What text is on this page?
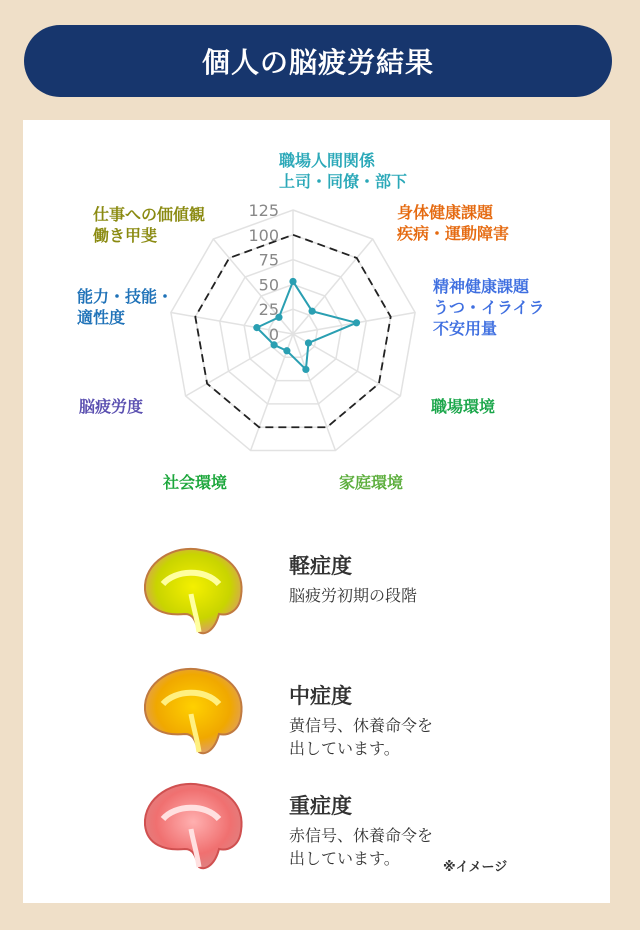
個人の脳疲労結果
0
25
50
75
100
125
職場人間関係
上司・同僚・部下
身体健康課題
疾病・運動障害
精神健康課題
うつ・イライラ
不安用量
職場環境
家庭環境
社会環境
脳疲労度
能力・技能・
適性度
仕事への価値観
働き甲斐
軽症度
脳疲労初期の段階
中症度
黄信号、休養命令を
出しています。
重症度
赤信号、休養命令を
出しています。	※イメージ
